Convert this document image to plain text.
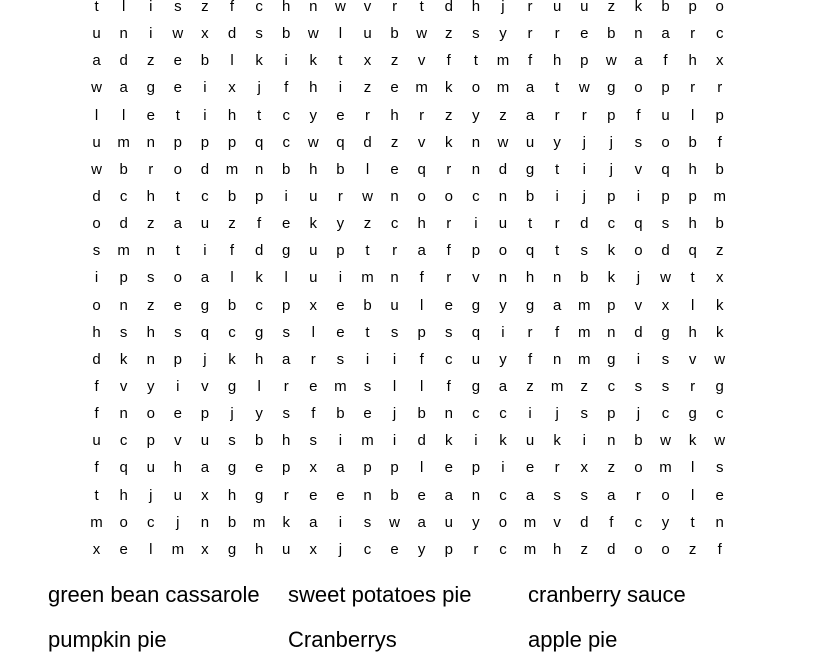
t	l	i	s	z	f	c	h	n	w	v	r	t	d	h	j	r	u	u	z	k	b	p	o
u	n	i	w	x	d	s	b	w	l	u	b	w	z	s	y	r	r	e	b	n	a	r	c
a	d	z	e	b	l	k	i	k	t	x	z	v	f	t	m	f	h	p	w	a	f	h	x
w	a	g	e	i	x	j	f	h	i	z	e	m	k	o	m	a	t	w	g	o	p	r	r
l	l	e	t	i	h	t	c	y	e	r	h	r	z	y	z	a	r	r	p	f	u	l	p
u	m	n	p	p	p	q	c	w	q	d	z	v	k	n	w	u	y	j	j	s	o	b	f
w	b	r	o	d	m	n	b	h	b	l	e	q	r	n	d	g	t	i	j	v	q	h	b
d	c	h	t	c	b	p	i	u	r	w	n	o	o	c	n	b	i	j	p	i	p	p	m
o	d	z	a	u	z	f	e	k	y	z	c	h	r	i	u	t	r	d	c	q	s	h	b
s	m	n	t	i	f	d	g	u	p	t	r	a	f	p	o	q	t	s	k	o	d	q	z
i	p	s	o	a	l	k	l	u	i	m	n	f	r	v	n	h	n	b	k	j	w	t	x
o	n	z	e	g	b	c	p	x	e	b	u	l	e	g	y	g	a	m	p	v	x	l	k
h	s	h	s	q	c	g	s	l	e	t	s	p	s	q	i	r	f	m	n	d	g	h	k
d	k	n	p	j	k	h	a	r	s	i	i	f	c	u	y	f	n	m	g	i	s	v	w
f	v	y	i	v	g	l	r	e	m	s	l	l	f	g	a	z	m	z	c	s	s	r	g
f	n	o	e	p	j	y	s	f	b	e	j	b	n	c	c	i	j	s	p	j	c	g	c
u	c	p	v	u	s	b	h	s	i	m	i	d	k	i	k	u	k	i	n	b	w	k	w
f	q	u	h	a	g	e	p	x	a	p	p	l	e	p	i	e	r	x	z	o	m	l	s
t	h	j	u	x	h	g	r	e	e	n	b	e	a	n	c	a	s	s	a	r	o	l	e
m	o	c	j	n	b	m	k	a	i	s	w	a	u	y	o	m	v	d	f	c	y	t	n
x	e	l	m	x	g	h	u	x	j	c	e	y	p	r	c	m	h	z	d	o	o	z	f
green bean cassarole	sweet potatoes pie	cranberry sauce
pumpkin pie	Cranberrys	apple pie
